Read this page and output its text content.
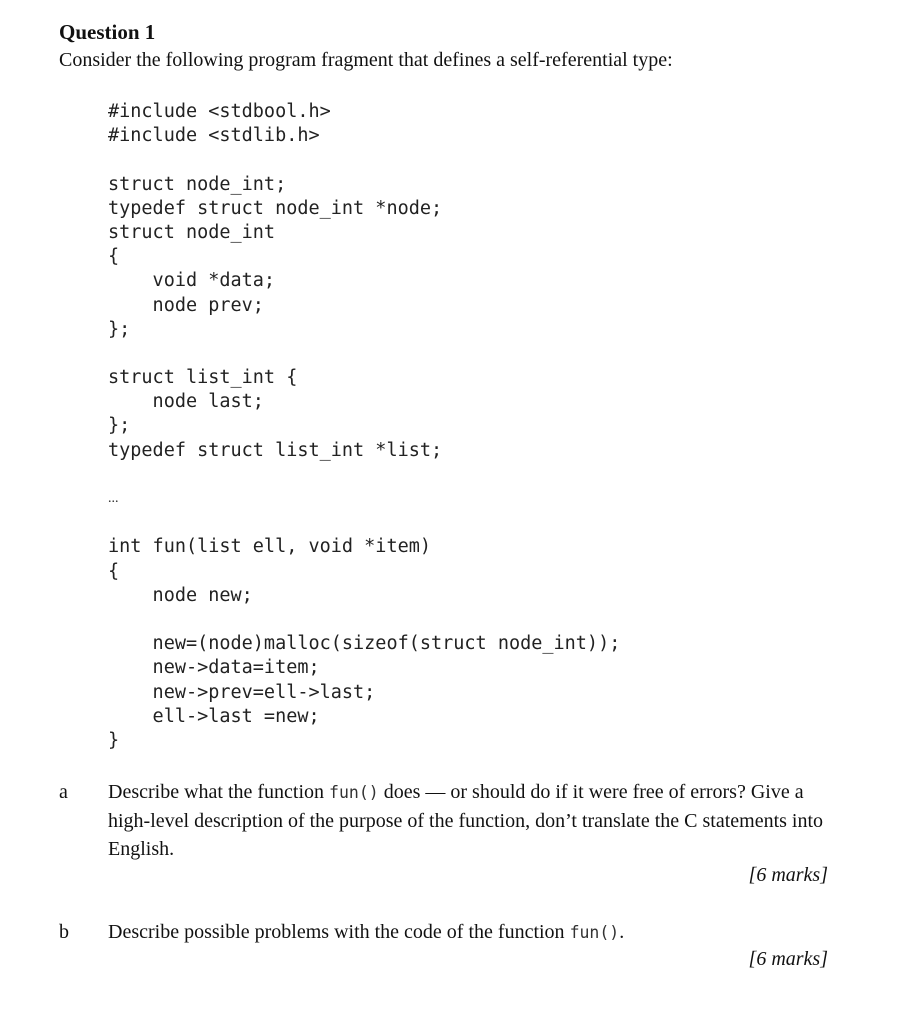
Question 1
Consider the following program fragment that defines a self-referential type:
#include <stdbool.h>
#include <stdlib.h>
struct node_int;
typedef struct node_int *node;
struct node_int
{
void *data;
node prev;
};
struct list_int {
node last;
};
typedef struct list_int *list;
...
int fun(list ell, void *item)
{
node new;
new=(node)malloc(sizeof(struct node_int));
new->data=item;
new->prev=ell->last;
ell->last =new;
}
a Describe what the function fun() does — or should do if it were free of errors? Give a high-level description of the purpose of the function, don’t translate the C statements into English.
[6 marks]
b Describe possible problems with the code of the function fun().
[6 marks]
